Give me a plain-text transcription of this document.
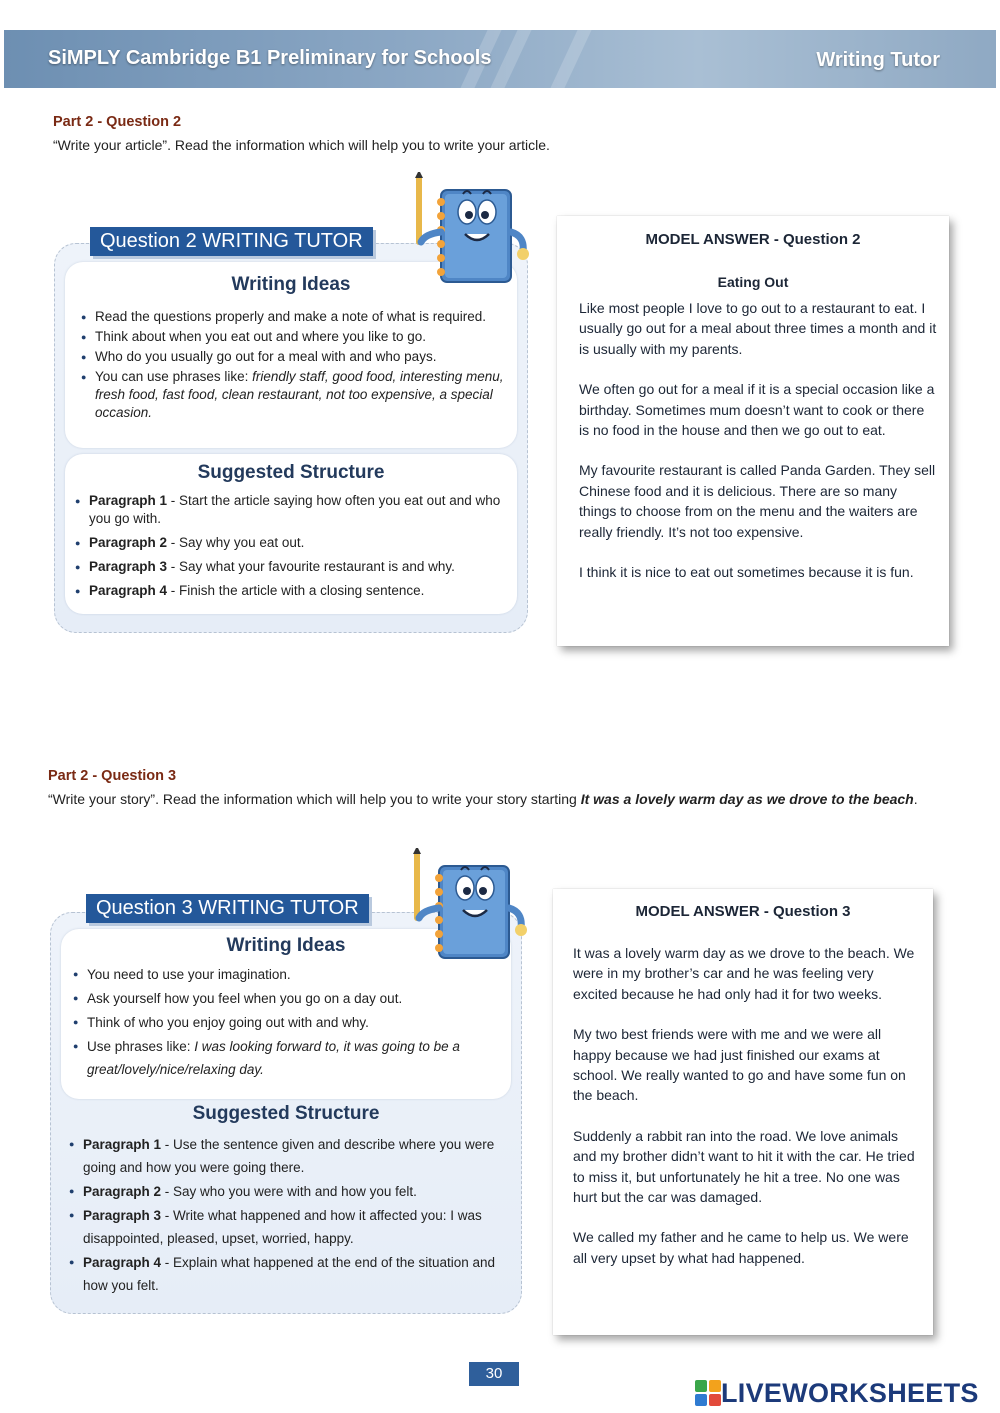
SiMPLY Cambridge B1 Preliminary for Schools	Writing Tutor
Part 2 - Question 2
“Write your article”. Read the information which will help you to write your article.
Writing Ideas
● Read the questions properly and make a note of what is required.
● Think about when you eat out and where you like to go.
● Who do you usually go out for a meal with and who pays.
● You can use phrases like: friendly staff, good food, interesting menu, fresh food, fast food, clean restaurant, not too expensive, a special occasion.
Suggested Structure
● Paragraph 1 - Start the article saying how often you eat out and who you go with.
● Paragraph 2 - Say why you eat out.
● Paragraph 3 - Say what your favourite restaurant is and why.
● Paragraph 4 - Finish the article with a closing sentence.
Question 2 WRITING TUTOR	MODEL ANSWER - Question 2
Eating Out

Like most people I love to go out to a restaurant to eat. I usually go out for a meal about three times a month and it is usually with my parents.

We often go out for a meal if it is a special occasion like a birthday. Sometimes mum doesn’t want to cook or there is no food in the house and then we go out to eat.

My favourite restaurant is called Panda Garden. They sell Chinese food and it is delicious. There are so many things to choose from on the menu and the waiters are really friendly. It’s not too expensive.

I think it is nice to eat out sometimes because it is fun.

Part 2 - Question 3
“Write your story”. Read the information which will help you to write your story starting It was a lovely warm day as we drove to the beach.
Writing Ideas
● You need to use your imagination.
● Ask yourself how you feel when you go on a day out.
● Think of who you enjoy going out with and why.
● Use phrases like: I was looking forward to, it was going to be a great/lovely/nice/relaxing day.
Suggested Structure
● Paragraph 1 - Use the sentence given and describe where you were going and how you were going there.
● Paragraph 2 - Say who you were with and how you felt.
● Paragraph 3 - Write what happened and how it affected you: I was disappointed, pleased, upset, worried, happy.
● Paragraph 4 - Explain what happened at the end of the situation and how you felt.
Question 3 WRITING TUTOR	MODEL ANSWER - Question 3

It was a lovely warm day as we drove to the beach. We were in my brother’s car and he was feeling very excited because he had only had it for two weeks.

My two best friends were with me and we were all happy because we had just finished our exams at school. We really wanted to go and have some fun on the beach.

Suddenly a rabbit ran into the road. We love animals and my brother didn’t want to hit it with the car. He tried to miss it, but unfortunately he hit a tree. No one was hurt but the car was damaged.

We called my father and he came to help us. We were all very upset by what had happened.

30
LIVEWORKSHEETS
